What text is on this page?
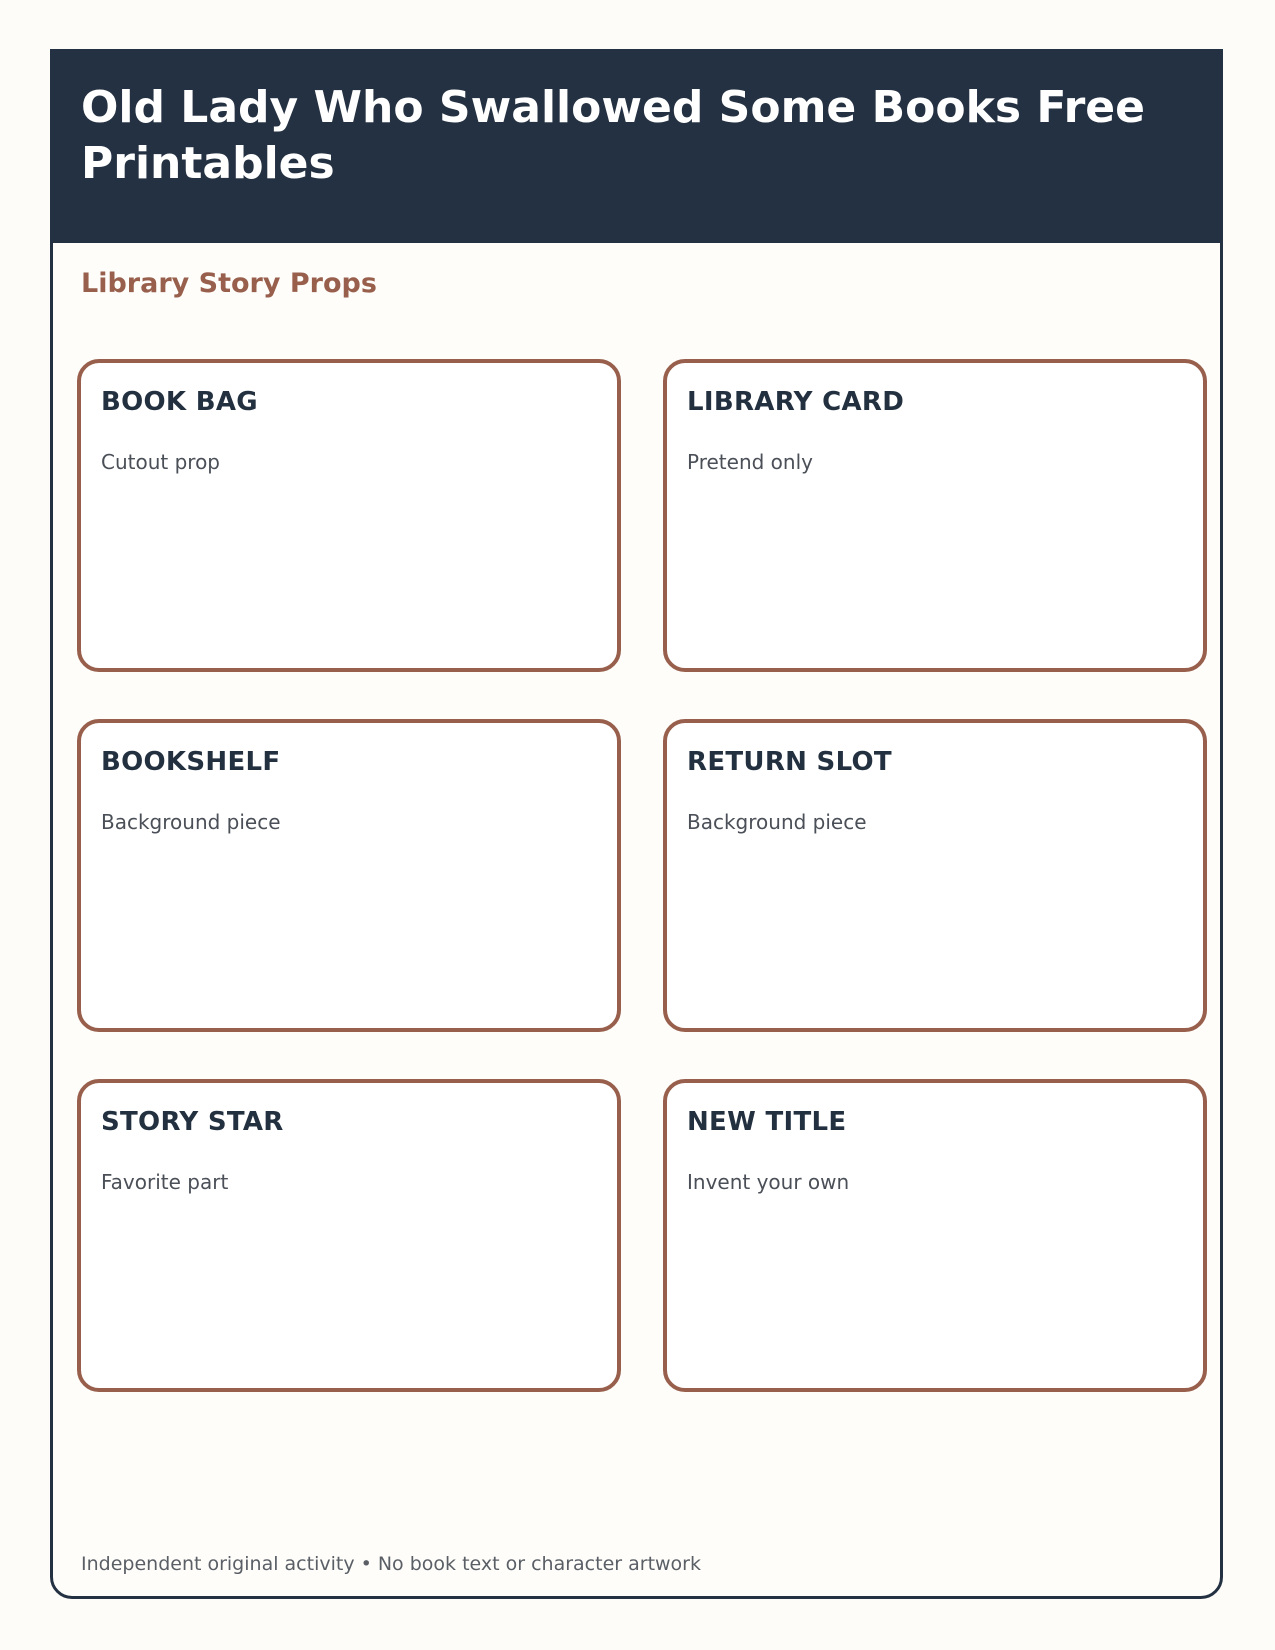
Old Lady Who Swallowed Some Books Free Printables
Library Story Props
BOOK BAG
Cutout prop
LIBRARY CARD
Pretend only
BOOKSHELF
Background piece
RETURN SLOT
Background piece
STORY STAR
Favorite part
NEW TITLE
Invent your own
Independent original activity • No book text or character artwork
